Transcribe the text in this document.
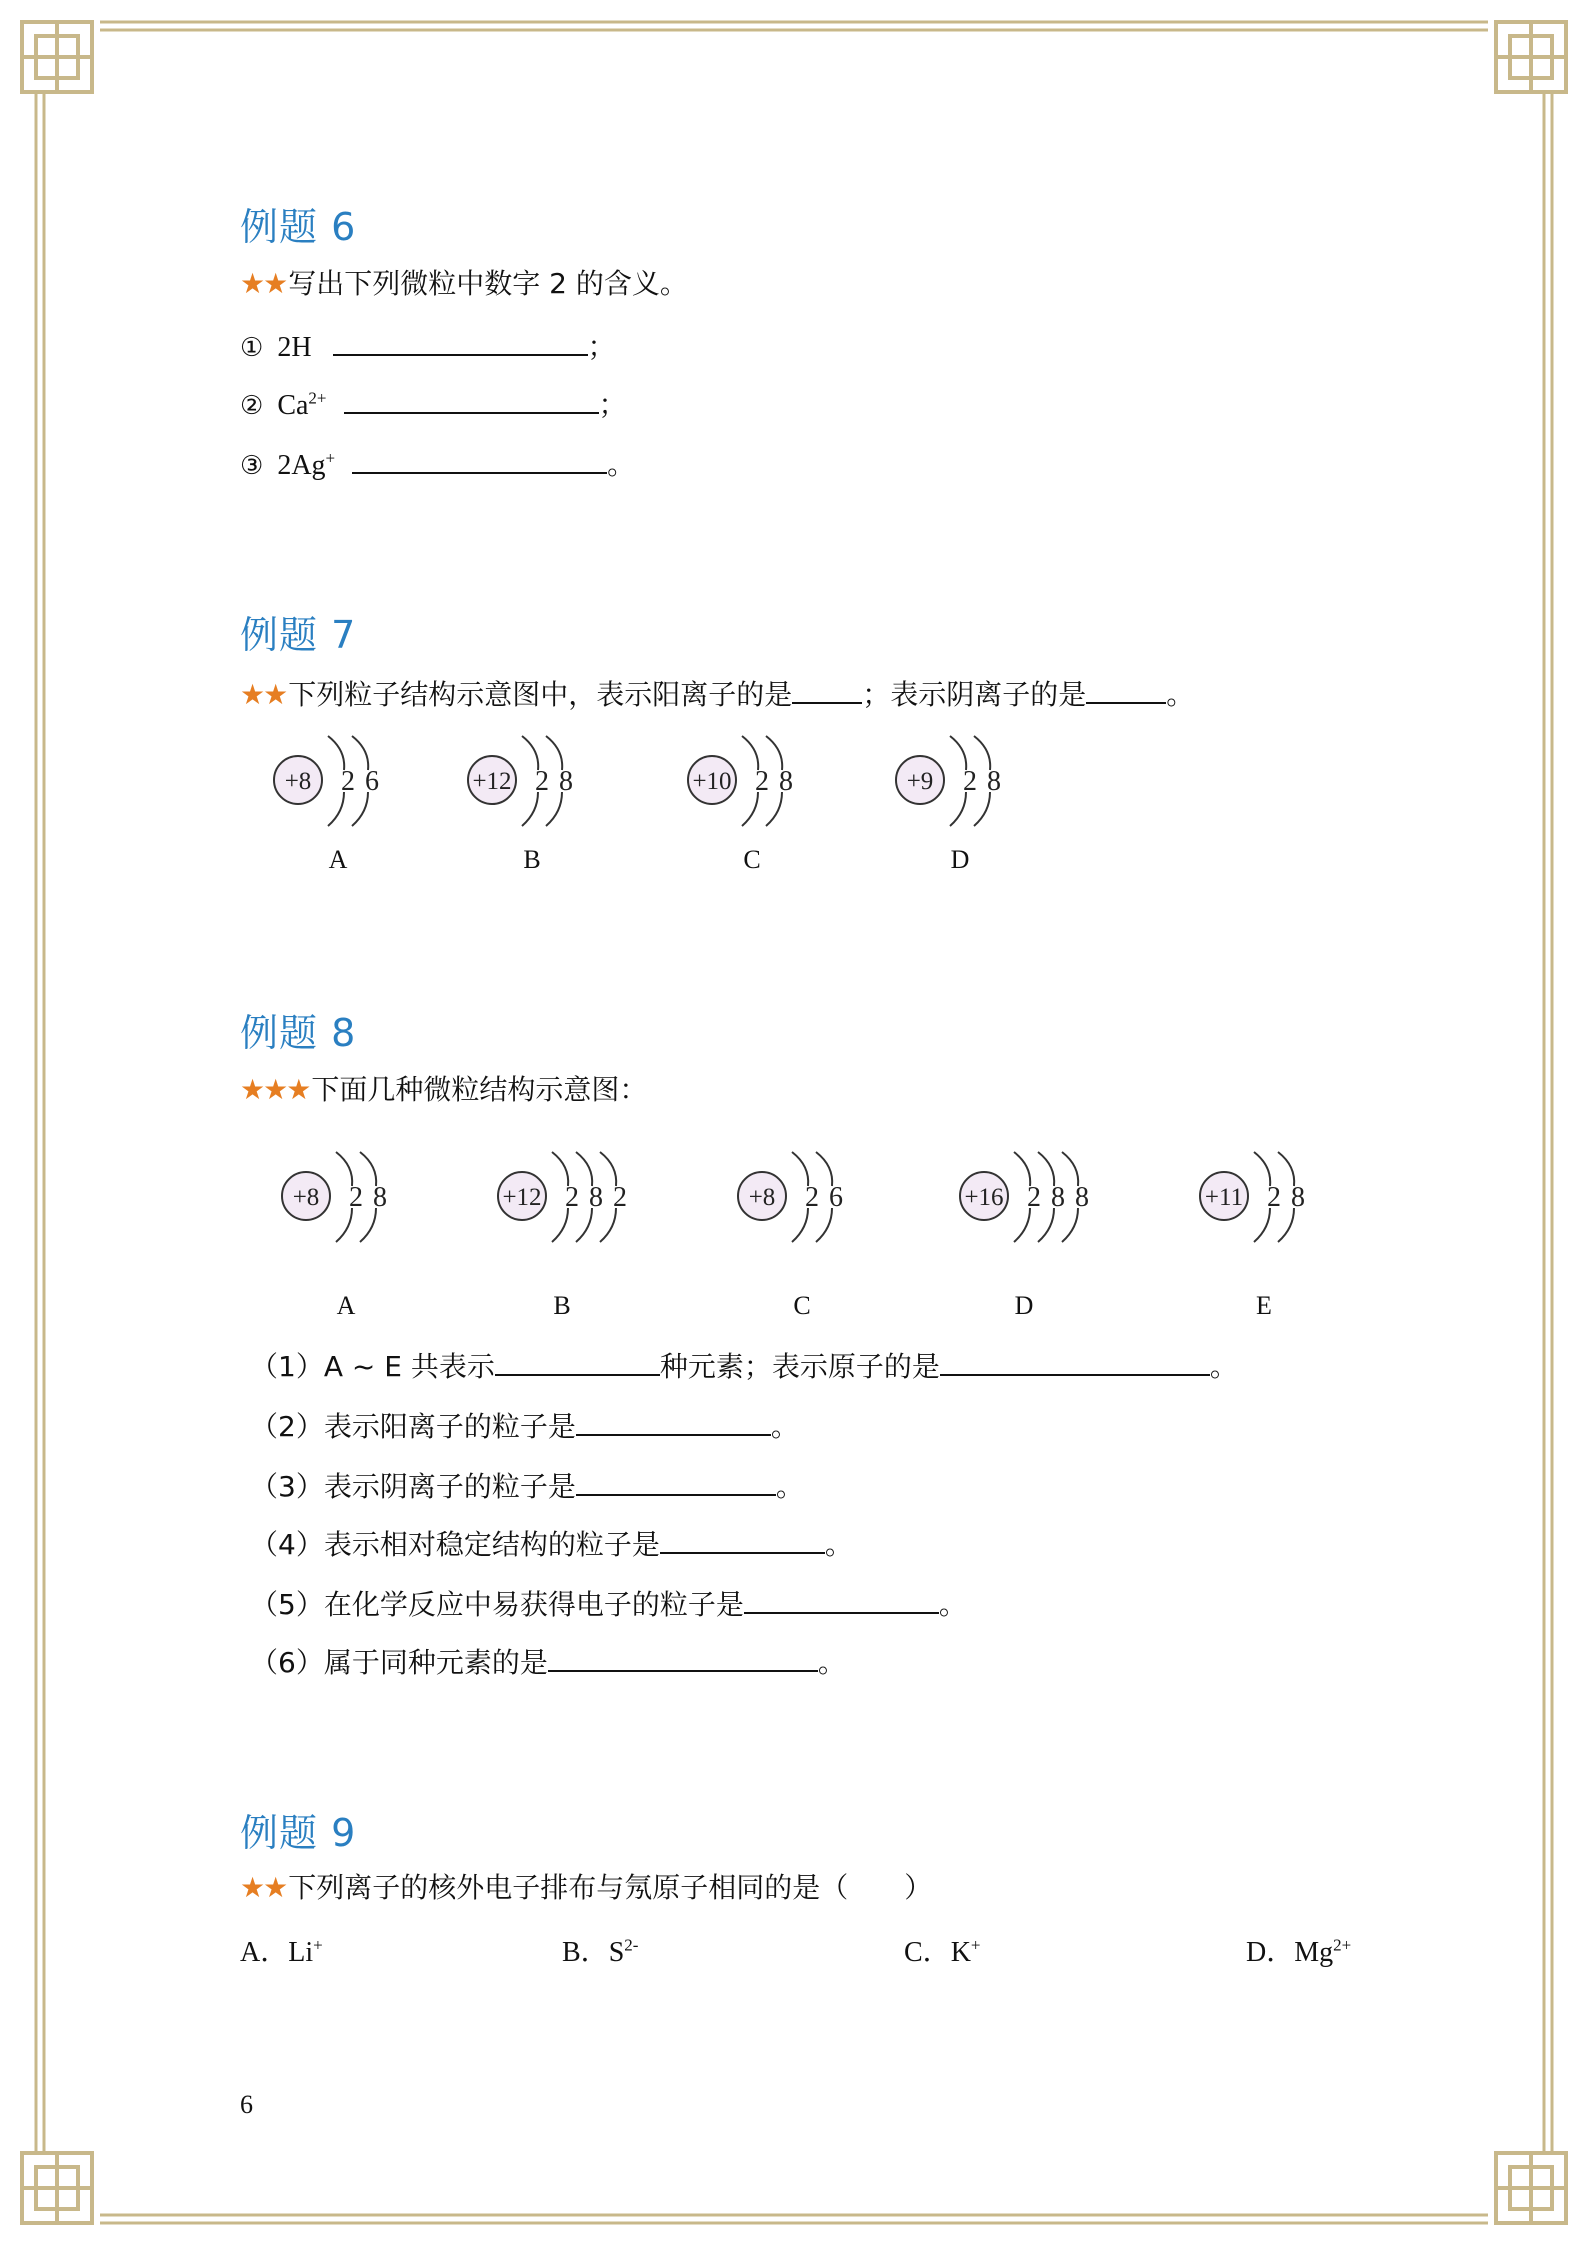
例题 6
★★写出下列微粒中数字 2 的含义。
① 2H	；
② $Ca^{2+}$	；
③ 2Ag+	。
例题 7
★★下列粒子结构示意图中，表示阳离子的是	；表示阴离子的是	。
+8 2 6
A
+12 2 8
B
+10 2 8
C
+9 2 8
D
例题 8
★★★下面几种微粒结构示意图：
+8 2 8
A
+12 2 8 2
B
+8 2 6
C
+16 2 8 8
D
+11 2 8
E
（1）A ~ E 共表示	种元素；表示原子的是	。
（2）表示阳离子的粒子是	。
（3）表示阴离子的粒子是	。
（4）表示相对稳定结构的粒子是	。
（5）在化学反应中易获得电子的粒子是	。
（6）属于同种元素的是	。
例题 9
★★下列离子的核外电子排布与氖原子相同的是（　　）
A．Li+	B．$S^{2-}$	C．K+	D．$Mg^{2+}$
6
